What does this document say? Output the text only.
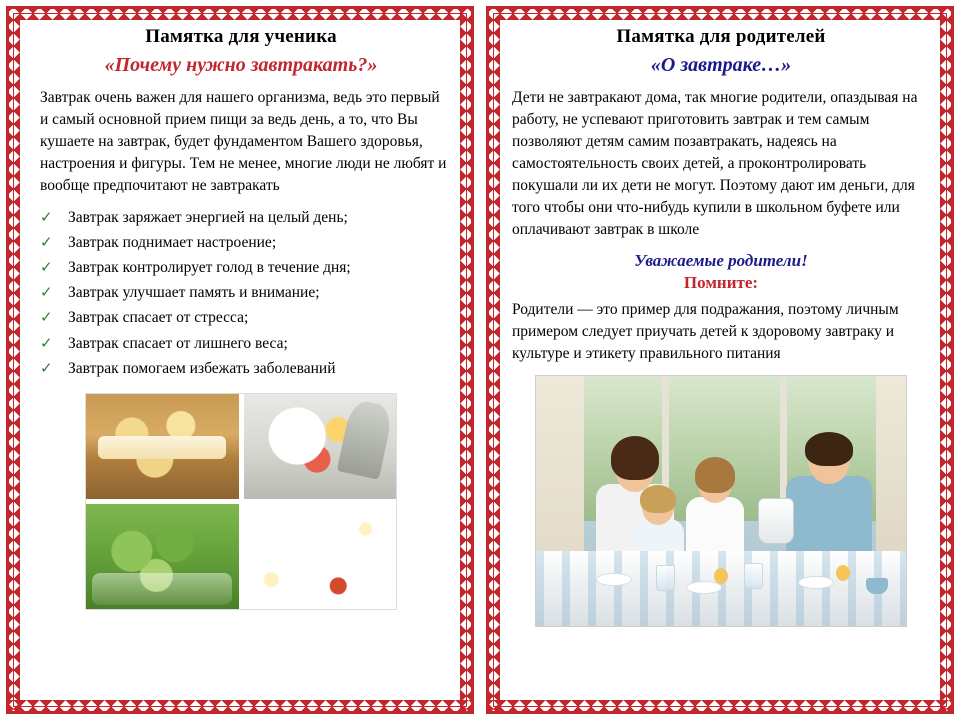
Памятка для ученика
«Почему нужно завтракать?»

Завтрак очень важен для нашего организма, ведь это первый и самый основной прием пищи за ведь день, а то, что Вы кушаете на завтрак, будет фундаментом Вашего здоровья, настроения и фигуры. Тем не менее, многие люди не любят и вообще предпочитают не завтракать

✓ Завтрак заряжает энергией на целый день;
✓ Завтрак поднимает настроение;
✓ Завтрак контролирует голод в течение дня;
✓ Завтрак улучшает память и внимание;
✓ Завтрак спасает от стресса;
✓ Завтрак спасает от лишнего веса;
✓ Завтрак помогаем избежать заболеваний
Памятка для родителей
«О завтраке…»

Дети не завтракают дома, так многие родители, опаздывая на работу, не успевают приготовить завтрак и тем самым позволяют детям самим позавтракать, надеясь на самостоятельность своих детей, а проконтролировать покушали ли их дети не могут. Поэтому дают им деньги, для того чтобы они что-нибудь купили в школьном буфете или оплачивают завтрак в школе

Уважаемые родители!
Помните:

Родители — это пример для подражания, поэтому личным примером следует приучать детей к здоровому завтраку и культуре и этикету правильного питания
